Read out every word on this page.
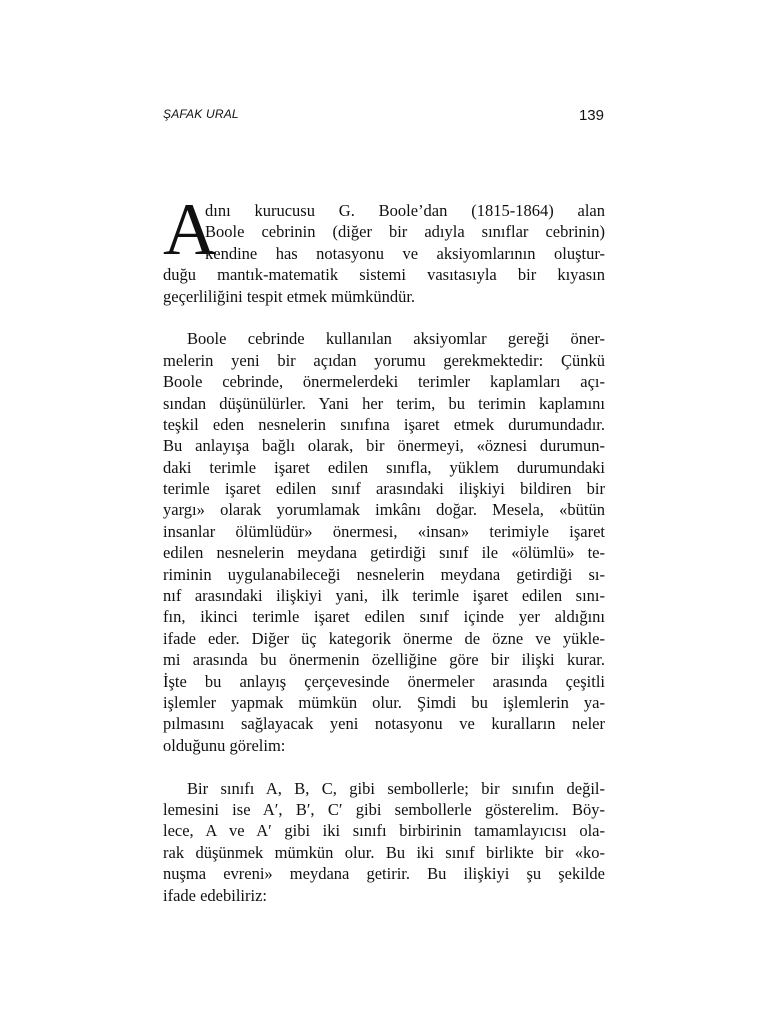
ŞAFAK URAL	139
A
dını kurucusu G. Boole’dan (1815-1864) alan
Boole cebrinin (diğer bir adıyla sınıflar cebrinin)
kendine has notasyonu ve aksiyomlarının oluştur-
duğu mantık-matematik sistemi vasıtasıyla bir kıyasın
geçerliliğini tespit etmek mümkündür.
Boole cebrinde kullanılan aksiyomlar gereği öner-
melerin yeni bir açıdan yorumu gerekmektedir: Çünkü
Boole cebrinde, önermelerdeki terimler kaplamları açı-
sından düşünülürler. Yani her terim, bu terimin kaplamını
teşkil eden nesnelerin sınıfına işaret etmek durumundadır.
Bu anlayışa bağlı olarak, bir önermeyi, «öznesi durumun-
daki terimle işaret edilen sınıfla, yüklem durumundaki
terimle işaret edilen sınıf arasındaki ilişkiyi bildiren bir
yargı» olarak yorumlamak imkânı doğar. Mesela, «bütün
insanlar ölümlüdür» önermesi, «insan» terimiyle işaret
edilen nesnelerin meydana getirdiği sınıf ile «ölümlü» te-
riminin uygulanabileceği nesnelerin meydana getirdiği sı-
nıf arasındaki ilişkiyi yani, ilk terimle işaret edilen sını-
fın, ikinci terimle işaret edilen sınıf içinde yer aldığını
ifade eder. Diğer üç kategorik önerme de özne ve yükle-
mi arasında bu önermenin özelliğine göre bir ilişki kurar.
İşte bu anlayış çerçevesinde önermeler arasında çeşitli
işlemler yapmak mümkün olur. Şimdi bu işlemlerin ya-
pılmasını sağlayacak yeni notasyonu ve kuralların neler
olduğunu görelim:
Bir sınıfı A, B, C, gibi sembollerle; bir sınıfın değil-
lemesini ise A′, B′, C′ gibi sembollerle gösterelim. Böy-
lece, A ve A′ gibi iki sınıfı birbirinin tamamlayıcısı ola-
rak düşünmek mümkün olur. Bu iki sınıf birlikte bir «ko-
nuşma evreni» meydana getirir. Bu ilişkiyi şu şekilde
ifade edebiliriz:
